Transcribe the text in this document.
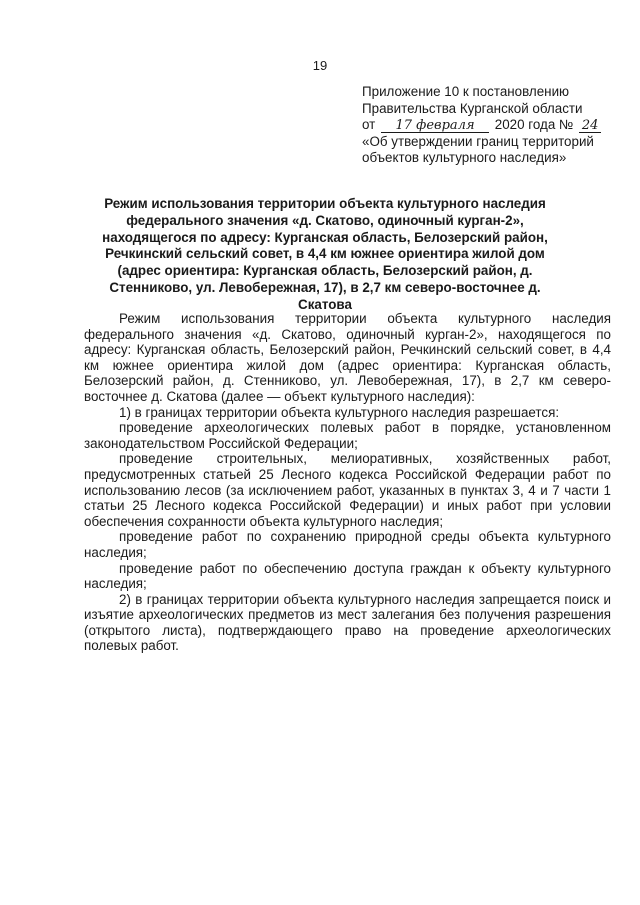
19
Приложение 10 к постановлению
Правительства Курганской области
от 17 февраля 2020 года № 24
«Об утверждении границ территорий
объектов культурного наследия»
Режим использования территории объекта культурного наследия федерального значения «д. Скатово, одиночный курган-2», находящегося по адресу: Курганская область, Белозерский район, Речкинский сельский совет, в 4,4 км южнее ориентира жилой дом (адрес ориентира: Курганская область, Белозерский район, д. Стенниково, ул. Левобережная, 17), в 2,7 км северо-восточнее д. Скатова

Режим использования территории объекта культурного наследия федерального значения «д. Скатово, одиночный курган-2», находящегося по адресу: Курганская область, Белозерский район, Речкинский сельский совет, в 4,4 км южнее ориентира жилой дом (адрес ориентира: Курганская область, Белозерский район, д. Стенниково, ул. Левобережная, 17), в 2,7 км северо-восточнее д. Скатова (далее — объект культурного наследия):

1) в границах территории объекта культурного наследия разрешается:

проведение археологических полевых работ в порядке, установленном законодательством Российской Федерации;

проведение строительных, мелиоративных, хозяйственных работ, предусмотренных статьей 25 Лесного кодекса Российской Федерации работ по использованию лесов (за исключением работ, указанных в пунктах 3, 4 и 7 части 1 статьи 25 Лесного кодекса Российской Федерации) и иных работ при условии обеспечения сохранности объекта культурного наследия;

проведение работ по сохранению природной среды объекта культурного наследия;

проведение работ по обеспечению доступа граждан к объекту культурного наследия;

2) в границах территории объекта культурного наследия запрещается поиск и изъятие археологических предметов из мест залегания без получения разрешения (открытого листа), подтверждающего право на проведение археологических полевых работ.
